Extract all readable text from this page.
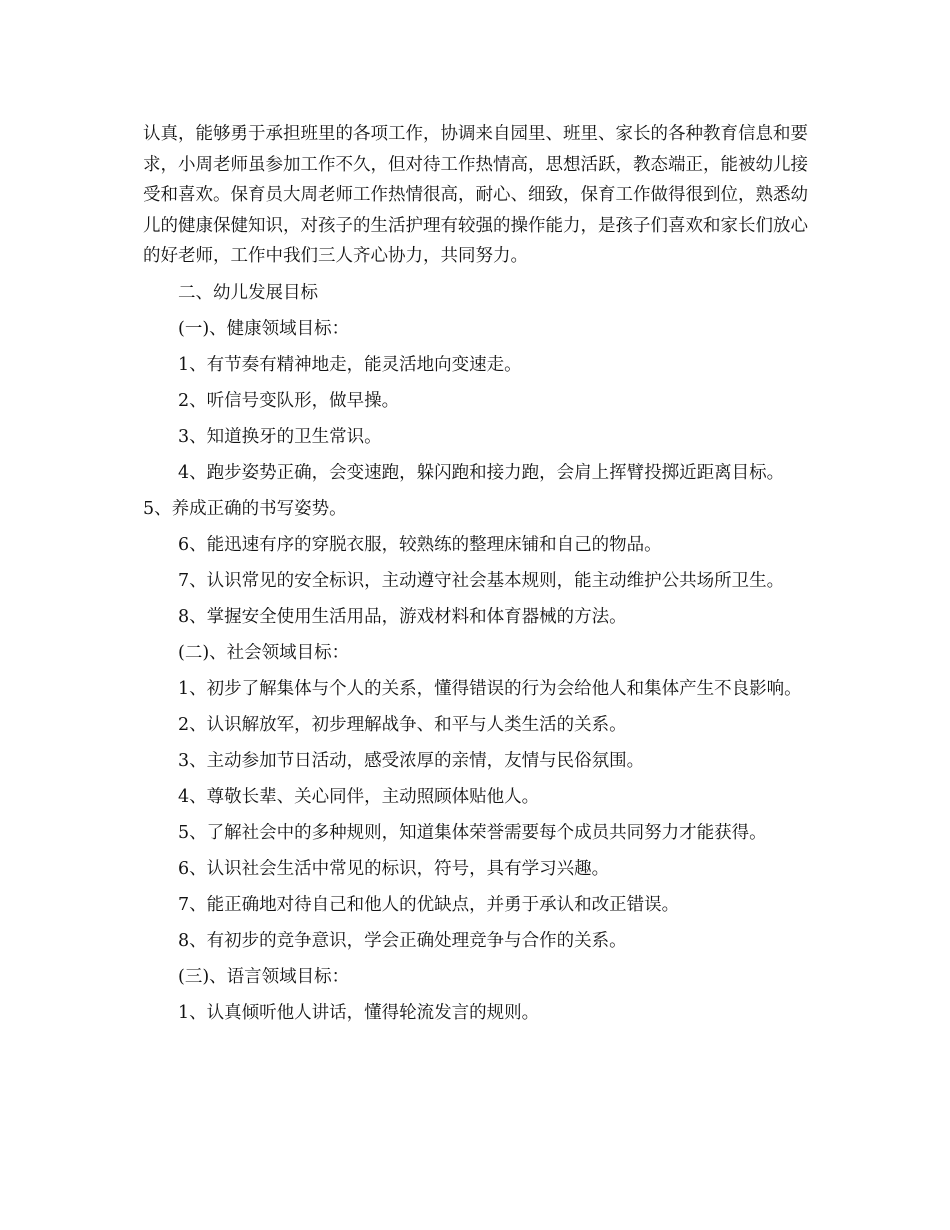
认真，能够勇于承担班里的各项工作，协调来自园里、班里、家长的各种教育信息和要求，小周老师虽参加工作不久，但对待工作热情高，思想活跃，教态端正，能被幼儿接受和喜欢。保育员大周老师工作热情很高，耐心、细致，保育工作做得很到位，熟悉幼儿的健康保健知识，对孩子的生活护理有较强的操作能力，是孩子们喜欢和家长们放心的好老师，工作中我们三人齐心协力，共同努力。

二、幼儿发展目标

(一)、健康领域目标：

1、有节奏有精神地走，能灵活地向变速走。

2、听信号变队形，做早操。

3、知道换牙的卫生常识。

4、跑步姿势正确，会变速跑，躲闪跑和接力跑，会肩上挥臂投掷近距离目标。

5、养成正确的书写姿势。

6、能迅速有序的穿脱衣服，较熟练的整理床铺和自己的物品。

7、认识常见的安全标识，主动遵守社会基本规则，能主动维护公共场所卫生。

8、掌握安全使用生活用品，游戏材料和体育器械的方法。

(二)、社会领域目标：

1、初步了解集体与个人的关系，懂得错误的行为会给他人和集体产生不良影响。

2、认识解放军，初步理解战争、和平与人类生活的关系。

3、主动参加节日活动，感受浓厚的亲情，友情与民俗氛围。

4、尊敬长辈、关心同伴，主动照顾体贴他人。

5、了解社会中的多种规则，知道集体荣誉需要每个成员共同努力才能获得。

6、认识社会生活中常见的标识，符号，具有学习兴趣。

7、能正确地对待自己和他人的优缺点，并勇于承认和改正错误。

8、有初步的竞争意识，学会正确处理竞争与合作的关系。

(三)、语言领域目标：

1、认真倾听他人讲话，懂得轮流发言的规则。
